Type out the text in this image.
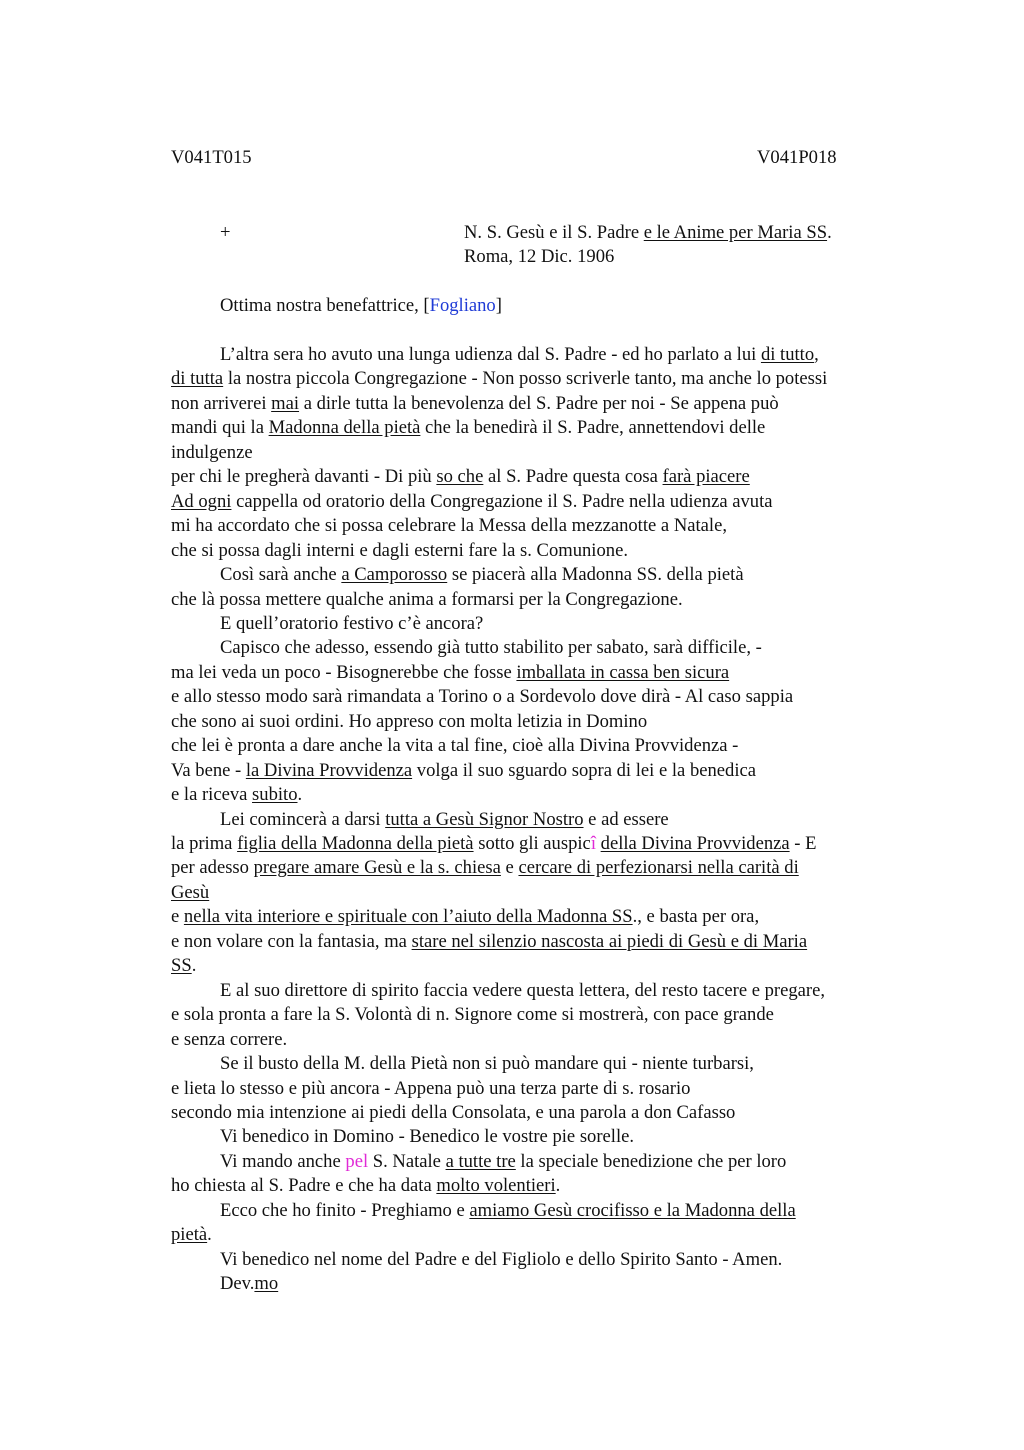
V041T015	V041P018
+	N. S. Gesù e il S. Padre e le Anime per Maria SS.
Roma, 12 Dic. 1906
Ottima nostra benefattrice, [Fogliano]
L’altra sera ho avuto una lunga udienza dal S. Padre - ed ho parlato a lui di tutto,
di tutta la nostra piccola Congregazione - Non posso scriverle tanto, ma anche lo potessi
non arriverei mai a dirle tutta la benevolenza del S. Padre per noi - Se appena può
mandi qui la Madonna della pietà che la benedirà il S. Padre, annettendovi delle
indulgenze
per chi le pregherà davanti - Di più so che al S. Padre questa cosa farà piacere
Ad ogni cappella od oratorio della Congregazione il S. Padre nella udienza avuta
mi ha accordato che si possa celebrare la Messa della mezzanotte a Natale,
che si possa dagli interni e dagli esterni fare la s. Comunione.
Così sarà anche a Camporosso se piacerà alla Madonna SS. della pietà
che là possa mettere qualche anima a formarsi per la Congregazione.
E quell’oratorio festivo c’è ancora?
Capisco che adesso, essendo già tutto stabilito per sabato, sarà difficile, -
ma lei veda un poco - Bisognerebbe che fosse imballata in cassa ben sicura
e allo stesso modo sarà rimandata a Torino o a Sordevolo dove dirà - Al caso sappia
che sono ai suoi ordini. Ho appreso con molta letizia in Domino
che lei è pronta a dare anche la vita a tal fine, cioè alla Divina Provvidenza -
Va bene - la Divina Provvidenza volga il suo sguardo sopra di lei e la benedica
e la riceva subito.
Lei comincerà a darsi tutta a Gesù Signor Nostro e ad essere
la prima figlia della Madonna della pietà sotto gli auspicî della Divina Provvidenza - E
per adesso pregare amare Gesù e la s. chiesa e cercare di perfezionarsi nella carità di
Gesù
e nella vita interiore e spirituale con l’aiuto della Madonna SS., e basta per ora,
e non volare con la fantasia, ma stare nel silenzio nascosta ai piedi di Gesù e di Maria
SS.
E al suo direttore di spirito faccia vedere questa lettera, del resto tacere e pregare,
e sola pronta a fare la S. Volontà di n. Signore come si mostrerà, con pace grande
e senza correre.
Se il busto della M. della Pietà non si può mandare qui - niente turbarsi,
e lieta lo stesso e più ancora - Appena può una terza parte di s. rosario
secondo mia intenzione ai piedi della Consolata, e una parola a don Cafasso
Vi benedico in Domino - Benedico le vostre pie sorelle.
Vi mando anche pel S. Natale a tutte tre la speciale benedizione che per loro
ho chiesta al S. Padre e che ha data molto volentieri.
Ecco che ho finito - Preghiamo e amiamo Gesù crocifisso e la Madonna della
pietà.
Vi benedico nel nome del Padre e del Figliolo e dello Spirito Santo - Amen.
Dev.mo
